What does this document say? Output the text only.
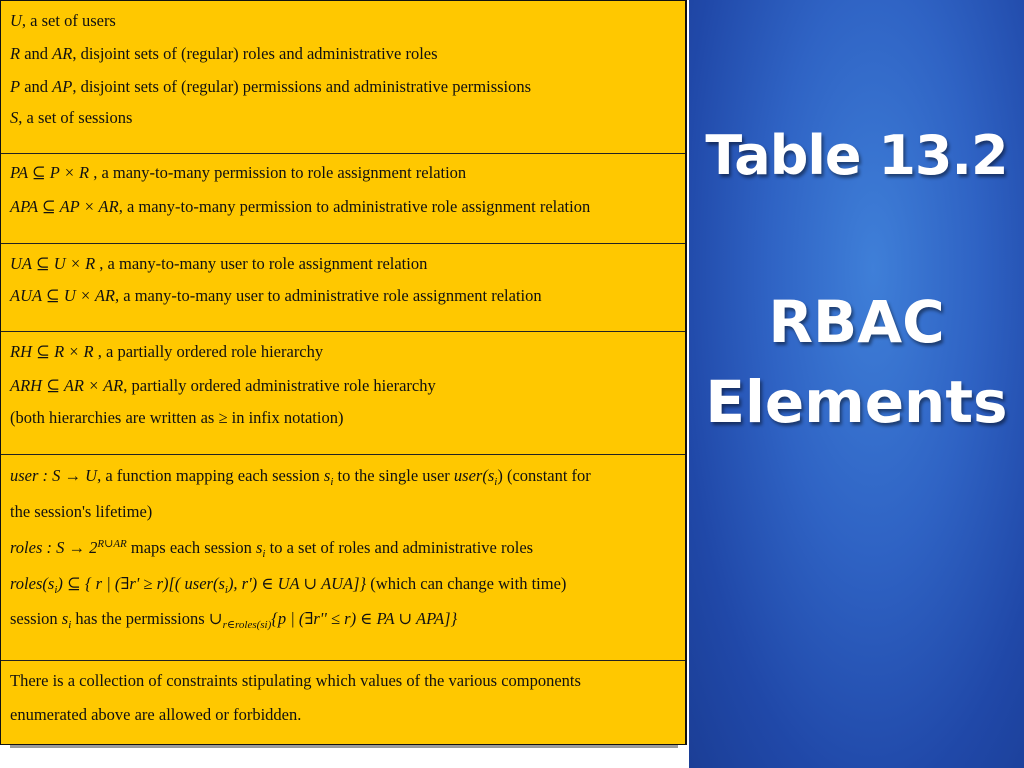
U, a set of users
R and AR, disjoint sets of (regular) roles and administrative roles
P and AP, disjoint sets of (regular) permissions and administrative permissions
S, a set of sessions
PA ⊆ P × R , a many-to-many permission to role assignment relation
APA ⊆ AP × AR, a many-to-many permission to administrative role assignment relation
UA ⊆ U × R , a many-to-many user to role assignment relation
AUA ⊆ U × AR, a many-to-many user to administrative role assignment relation
RH ⊆ R × R , a partially ordered role hierarchy
ARH ⊆ AR × AR, partially ordered administrative role hierarchy
(both hierarchies are written as ≥ in infix notation)
user : S → U, a function mapping each session $s_i$ to the single user $user(s_i)$ (constant for
the session's lifetime)
roles : $S \to 2^{R\cup AR}$ maps each session $s_i$ to a set of roles and administrative roles
$roles(s_i)$ ⊆ { r | (∃r' ≥ r)[( $user(s_i)$, r') ∈ UA ∪ AUA]} (which can change with time)
session $s_i$ has the permissions $\cup_{r\in roles(si)}\{p$ | (∃r'' ≤ r) ∈ PA ∪ APA]}
There is a collection of constraints stipulating which values of the various components
enumerated above are allowed or forbidden.
Table 13.2
RBAC
Elements
